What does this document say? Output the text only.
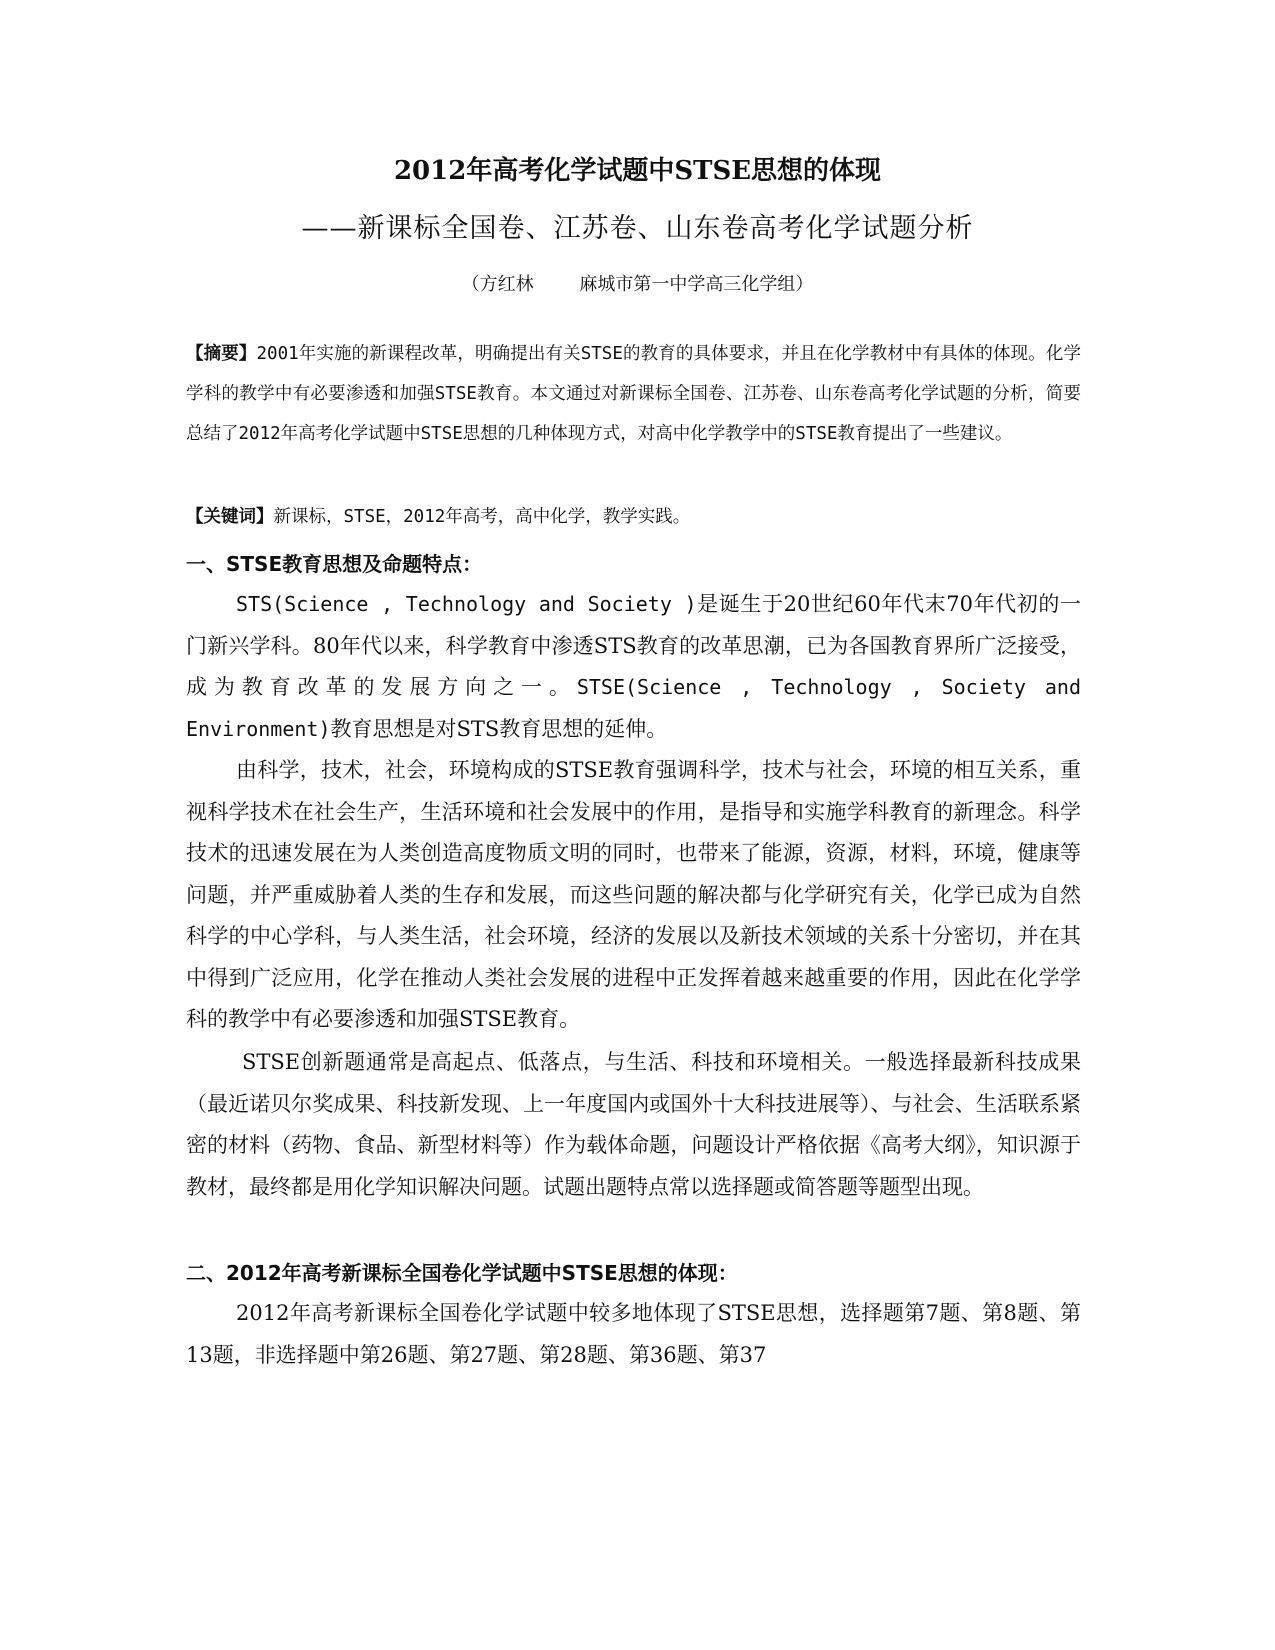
2012年高考化学试题中STSE思想的体现

——新课标全国卷、江苏卷、山东卷高考化学试题分析

（方红林        麻城市第一中学高三化学组）

【摘要】2001年实施的新课程改革，明确提出有关STSE的教育的具体要求，并且在化学教材中有具体的体现。化学学科的教学中有必要渗透和加强STSE教育。本文通过对新课标全国卷、江苏卷、山东卷高考化学试题的分析，简要总结了2012年高考化学试题中STSE思想的几种体现方式，对高中化学教学中的STSE教育提出了一些建议。

【关键词】新课标，STSE，2012年高考，高中化学，教学实践。

一、STSE教育思想及命题特点：

STS(Science , Technology and Society )是诞生于20世纪60年代末70年代初的一门新兴学科。80年代以来，科学教育中渗透STS教育的改革思潮，已为各国教育界所广泛接受，成为教育改革的发展方向之一。STSE(Science , Technology , Society and Environment)教育思想是对STS教育思想的延伸。

由科学，技术，社会，环境构成的STSE教育强调科学，技术与社会，环境的相互关系，重视科学技术在社会生产，生活环境和社会发展中的作用，是指导和实施学科教育的新理念。科学技术的迅速发展在为人类创造高度物质文明的同时，也带来了能源，资源，材料，环境，健康等问题，并严重威胁着人类的生存和发展，而这些问题的解决都与化学研究有关，化学已成为自然科学的中心学科，与人类生活，社会环境，经济的发展以及新技术领域的关系十分密切，并在其中得到广泛应用，化学在推动人类社会发展的进程中正发挥着越来越重要的作用，因此在化学学科的教学中有必要渗透和加强STSE教育。

STSE创新题通常是高起点、低落点，与生活、科技和环境相关。一般选择最新科技成果（最近诺贝尔奖成果、科技新发现、上一年度国内或国外十大科技进展等）、与社会、生活联系紧密的材料（药物、食品、新型材料等）作为载体命题，问题设计严格依据《高考大纲》，知识源于教材，最终都是用化学知识解决问题。试题出题特点常以选择题或简答题等题型出现。

二、2012年高考新课标全国卷化学试题中STSE思想的体现：

2012年高考新课标全国卷化学试题中较多地体现了STSE思想，选择题第7题、第8题、第13题，非选择题中第26题、第27题、第28题、第36题、第37
